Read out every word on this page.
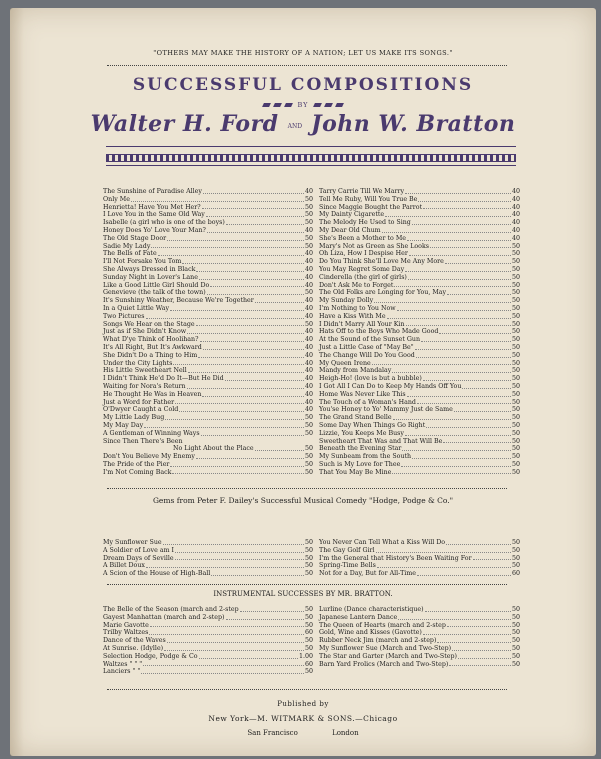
"OTHERS MAY MAKE THE HISTORY OF A NATION; LET US MAKE ITS SONGS."
SUCCESSFUL COMPOSITIONS
BY
Walter H. Ford AND John W. Bratton
The Sunshine of Paradise Alley	40
Only Me	50
Henrietta! Have You Met Her?	50
I Love You in the Same Old Way	50
Isabelle (a girl who is one of the boys)	50
Honey Does Yo' Love Your Man?	40
The Old Stage Door	50
Sadie My Lady	50
The Bells of Fate	40
I'll Not Forsake You Tom	40
She Always Dressed in Black	40
Sunday Night in Lover's Lane	40
Like a Good Little Girl Should Do	40
Genevieve (the talk of the town)	50
It's Sunshiny Weather, Because We're Together	40
In a Quiet Little Way	40
Two Pictures	40
Songs We Hear on the Stage	50
Just as if She Didn't Know	40
What D'ye Think of Hoolihan?	40
It's All Right, But It's Awkward	40
She Didn't Do a Thing to Him	40
Under the City Lights	40
His Little Sweetheart Nell	40
I Didn't Think He'd Do It—But He Did	40
Waiting for Nora's Return	40
He Thought He Was in Heaven	40
Just a Word for Father	40
O'Dwyer Caught a Cold	40
My Little Lady Bug	50
My May Day	50
A Gentleman of Winning Ways	50
Since Then There's Been
No Light About the Place	50
Don't You Believe My Enemy	50
The Pride of the Pier	50
I'm Not Coming Back	50
Tarry Carrie Till We Marry	40
Tell Me Ruby, Will You True Be	40
Since Maggie Bought the Parrot	40
My Dainty Cigarette	40
The Melody He Used to Sing	40
My Dear Old Chum	40
She's Been a Mother to Me	40
Mary's Not as Green as She Looks	50
Oh Liza, How I Despise Her	50
Do You Think She'll Love Me Any More	50
You May Regret Some Day	50
Cinderella (the girl of girls)	50
Don't Ask Me to Forget	50
The Old Folks are Longing for You, May	50
My Sunday Dolly	50
I'm Nothing to You Now	50
Have a Kiss With Me	50
I Didn't Marry All Your Kin	50
Hats Off to the Boys Who Made Good	50
At the Sound of the Sunset Gun	50
Just a Little Case of "May Be"	50
The Change Will Do You Good	50
My Queen Irene	50
Mandy from Mandalay	50
Heigh-Ho! (love is but a bubble)	50
I Got All I Can Do to Keep My Hands Off You	50
Home Was Never Like This	50
The Touch of a Woman's Hand	50
You'se Honey to Yo' Mammy Just de Same	50
The Grand Stand Belle	50
Some Day When Things Go Right	50
Lizzie, You Keeps Me Busy	50
Sweetheart That Was and That Will Be	50
Beneath the Evening Star	50
My Sunbeam from the South	50
Such is My Love for Thee	50
That You May Be Mine	50
Gems from Peter F. Dailey's Successful Musical Comedy "Hodge, Podge & Co."
My Sunflower Sue	50
A Soldier of Love am I	50
Dream Days of Seville	50
A Billet Doux	50
A Scion of the House of High-Ball	50
You Never Can Tell What a Kiss Will Do	50
The Gay Golf Girl	50
I'm the General that History's Been Waiting For	50
Spring-Time Bells	50
Not for a Day, But for All-Time	60
INSTRUMENTAL SUCCESSES BY MR. BRATTON.
The Belle of the Season (march and 2-step	50
Gayest Manhattan (march and 2-step)	50
Marie Gavotte	50
Trilby Waltzes	60
Dance of the Waves	50
At Sunrise. (Idylle)	50
Selection Hodge, Podge & Co	1.00
Waltzes " " "	60
Lanciers " "	50
Lurline (Dance characteristique)	50
Japanese Lantern Dance	50
The Queen of Hearts (march and 2-step	50
Gold, Wine and Kisses (Gavotte)	50
Rubber Neck Jim (march and 2-step)	50
My Sunflower Sue (March and Two-Step)	50
The Star and Garter (March and Two-Step)	50
Barn Yard Frolics (March and Two-Step)	50
Published by
New York—M. WITMARK & SONS.—Chicago
San Francisco	London
